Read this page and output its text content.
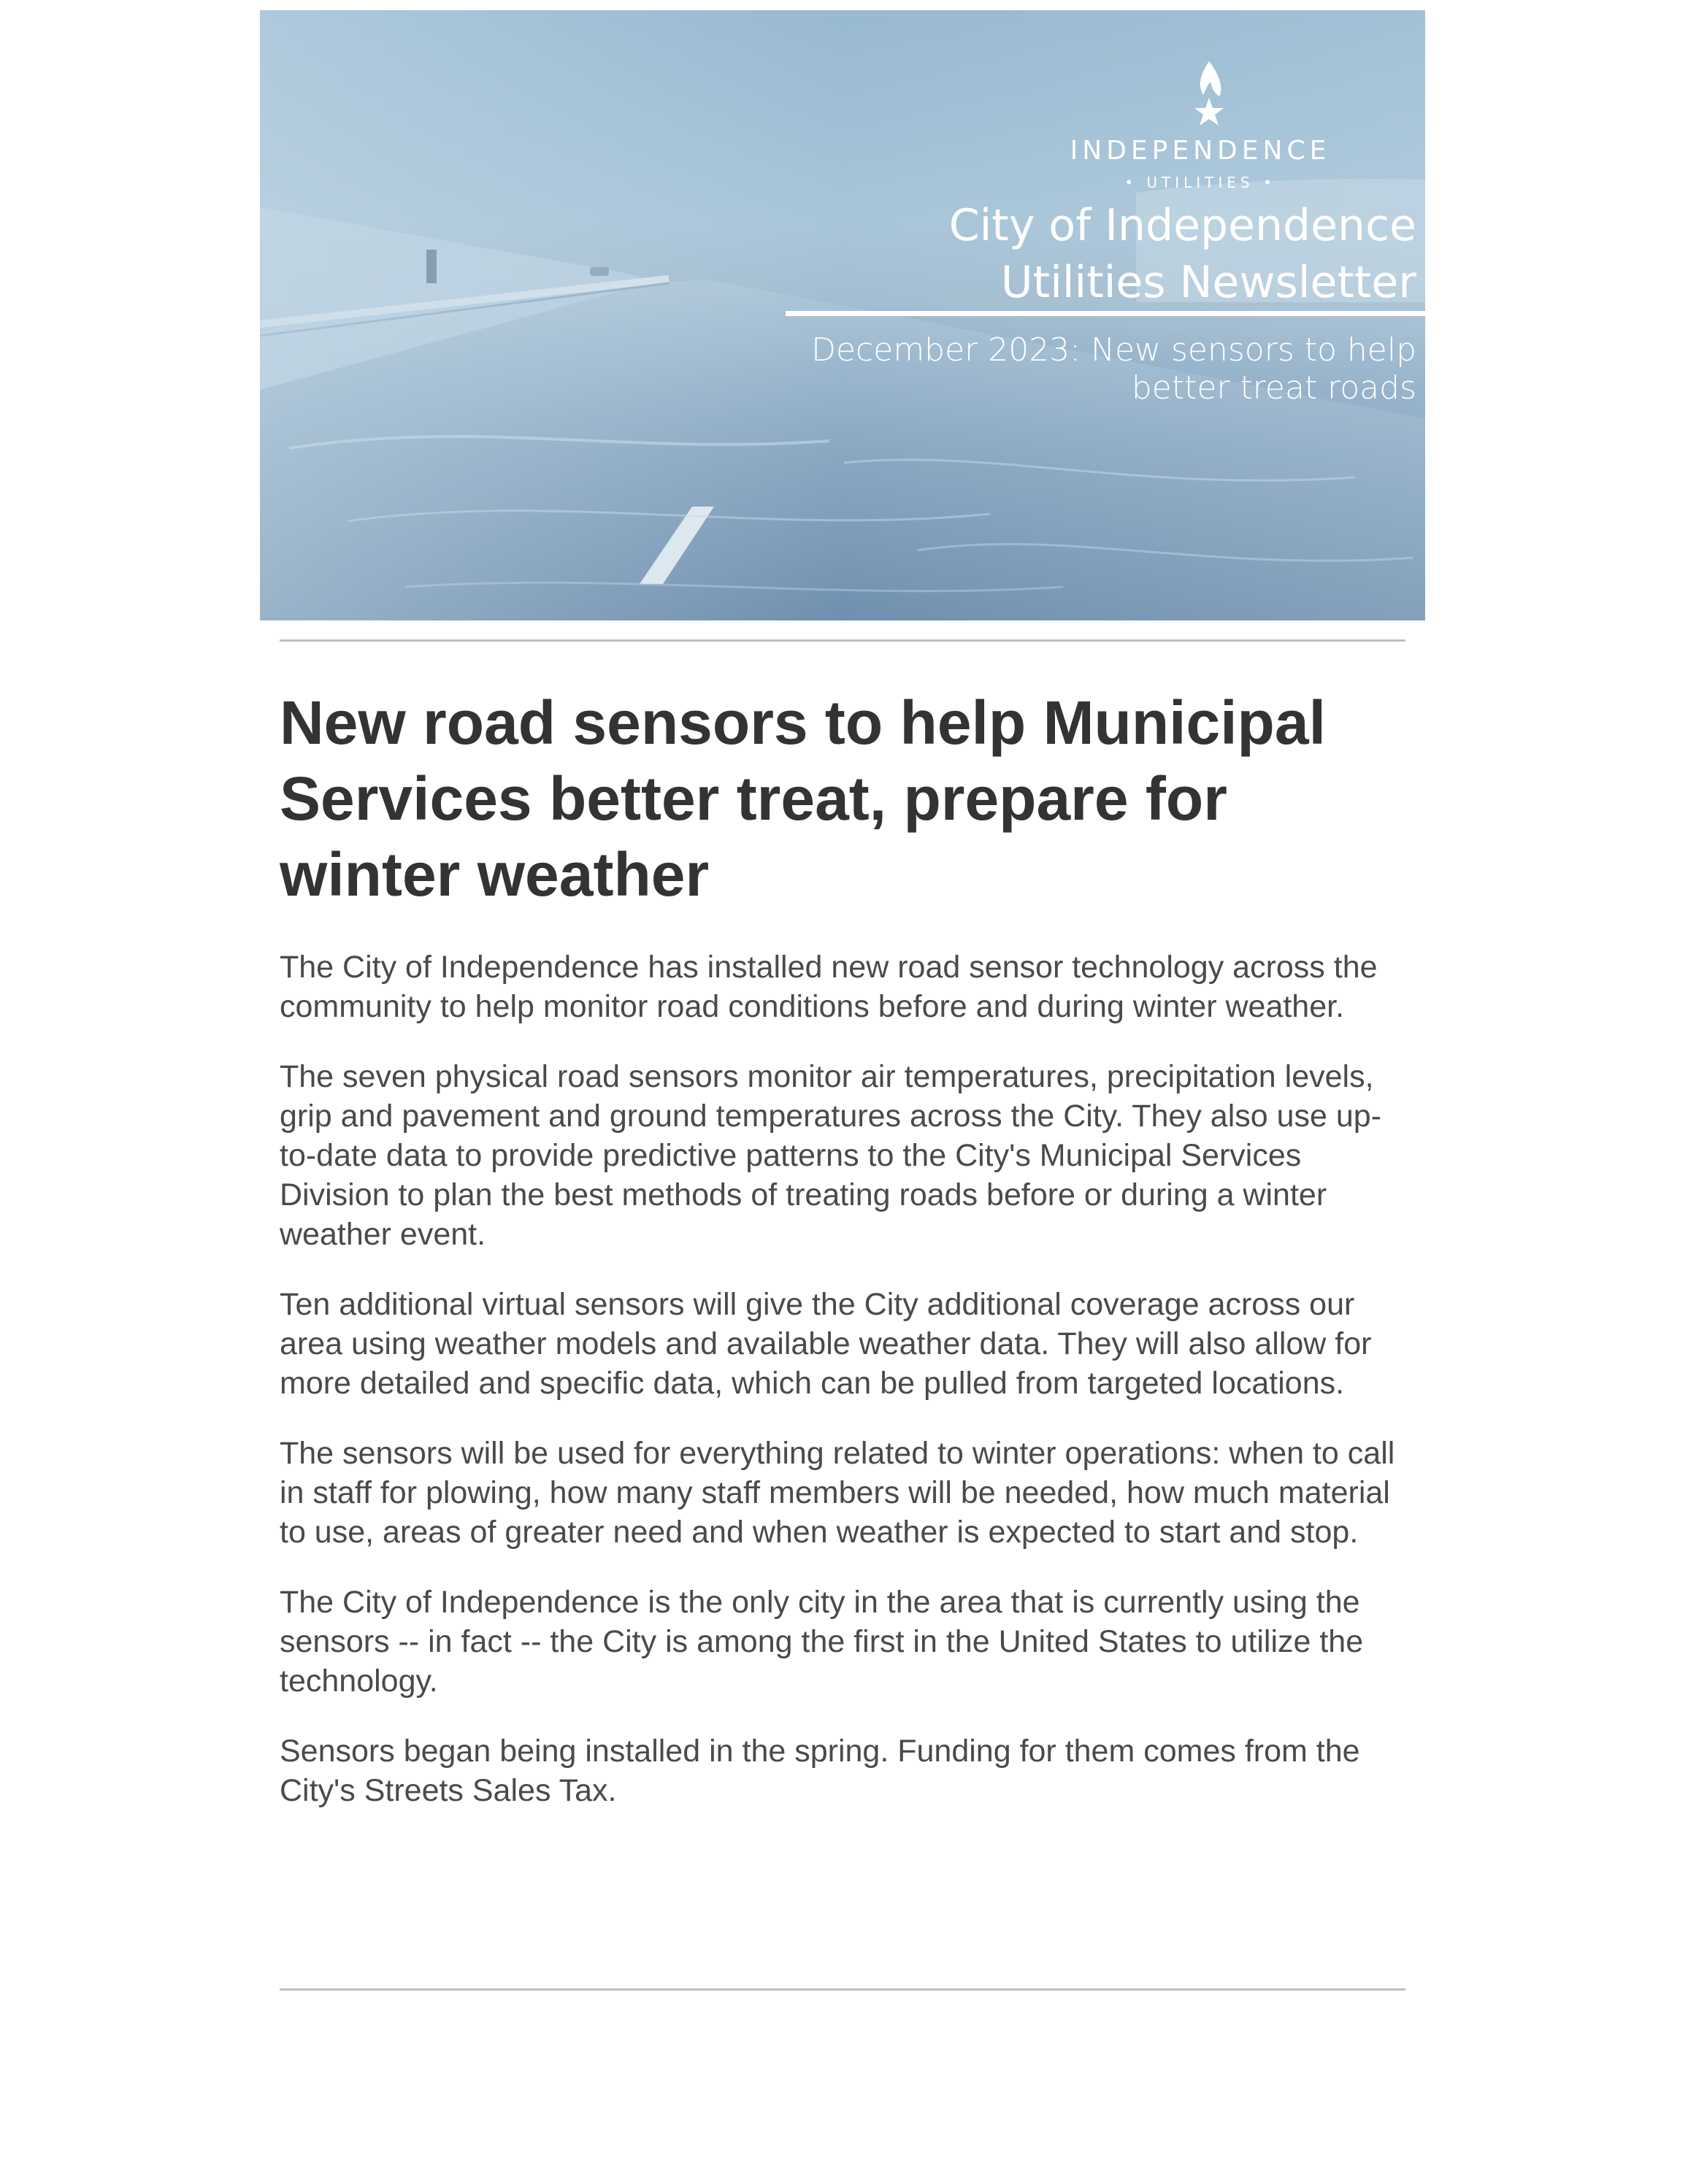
INDEPENDENCE
• UTILITIES •
City of Independence
Utilities Newsletter
December 2023: New sensors to help
better treat roads
New road sensors to help Municipal Services better treat, prepare for winter weather

The City of Independence has installed new road sensor technology across the community to help monitor road conditions before and during winter weather.

The seven physical road sensors monitor air temperatures, precipitation levels, grip and pavement and ground temperatures across the City. They also use up-to-date data to provide predictive patterns to the City's Municipal Services Division to plan the best methods of treating roads before or during a winter weather event.

Ten additional virtual sensors will give the City additional coverage across our area using weather models and available weather data. They will also allow for more detailed and specific data, which can be pulled from targeted locations.

The sensors will be used for everything related to winter operations: when to call in staff for plowing, how many staff members will be needed, how much material to use, areas of greater need and when weather is expected to start and stop.

The City of Independence is the only city in the area that is currently using the sensors -- in fact -- the City is among the first in the United States to utilize the technology.

Sensors began being installed in the spring. Funding for them comes from the City's Streets Sales Tax.
